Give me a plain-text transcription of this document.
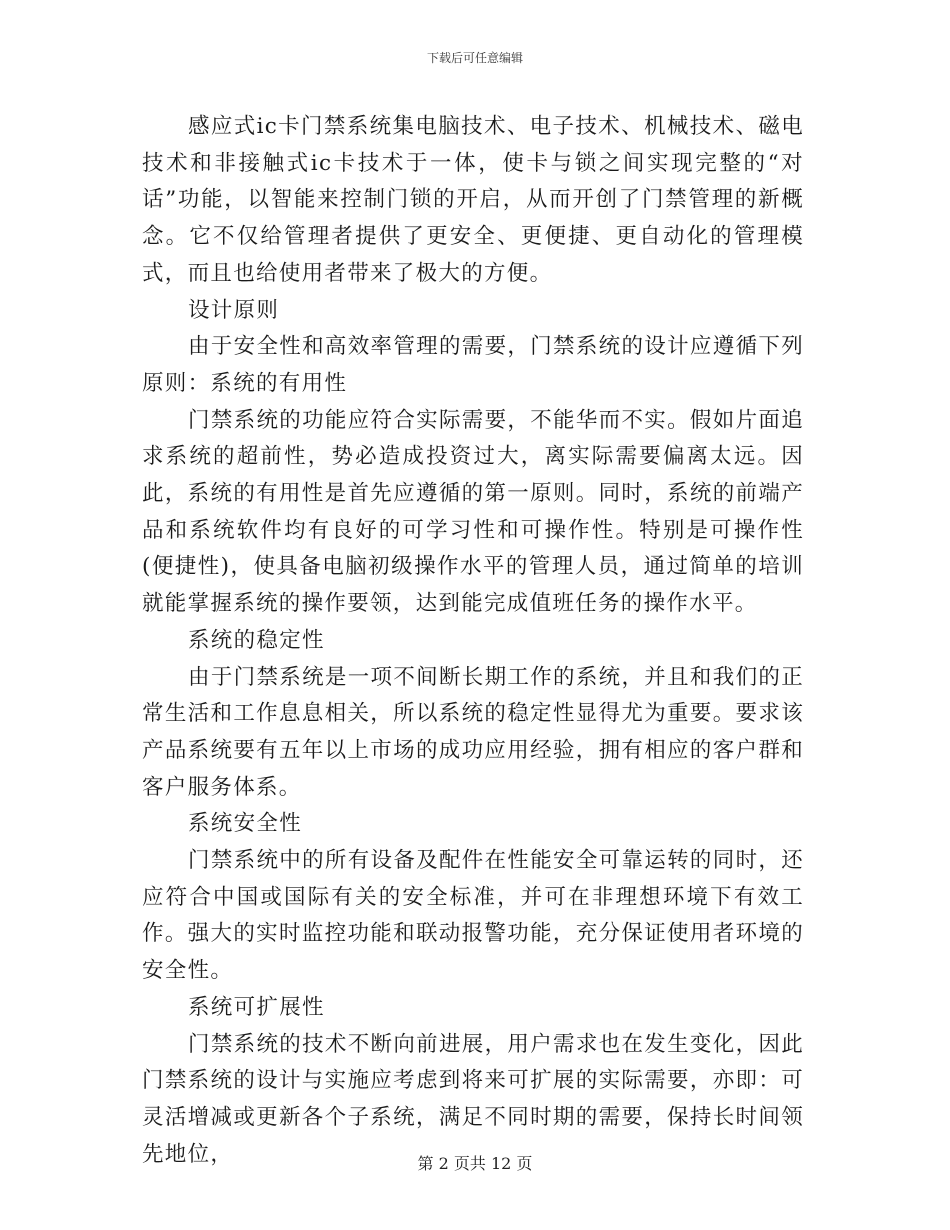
下载后可任意编辑

感应式ic卡门禁系统集电脑技术、电子技术、机械技术、磁电技术和非接触式ic卡技术于一体，使卡与锁之间实现完整的“对话”功能，以智能来控制门锁的开启，从而开创了门禁管理的新概念。它不仅给管理者提供了更安全、更便捷、更自动化的管理模式，而且也给使用者带来了极大的方便。

设计原则

由于安全性和高效率管理的需要，门禁系统的设计应遵循下列原则：系统的有用性

门禁系统的功能应符合实际需要，不能华而不实。假如片面追求系统的超前性，势必造成投资过大，离实际需要偏离太远。因此，系统的有用性是首先应遵循的第一原则。同时，系统的前端产品和系统软件均有良好的可学习性和可操作性。特别是可操作性(便捷性)，使具备电脑初级操作水平的管理人员，通过简单的培训就能掌握系统的操作要领，达到能完成值班任务的操作水平。

系统的稳定性

由于门禁系统是一项不间断长期工作的系统，并且和我们的正常生活和工作息息相关，所以系统的稳定性显得尤为重要。要求该产品系统要有五年以上市场的成功应用经验，拥有相应的客户群和客户服务体系。

系统安全性

门禁系统中的所有设备及配件在性能安全可靠运转的同时，还应符合中国或国际有关的安全标准，并可在非理想环境下有效工作。强大的实时监控功能和联动报警功能，充分保证使用者环境的安全性。

系统可扩展性

门禁系统的技术不断向前进展，用户需求也在发生变化，因此门禁系统的设计与实施应考虑到将来可扩展的实际需要，亦即：可灵活增减或更新各个子系统，满足不同时期的需要，保持长时间领先地位，	第 2 页共 12 页
